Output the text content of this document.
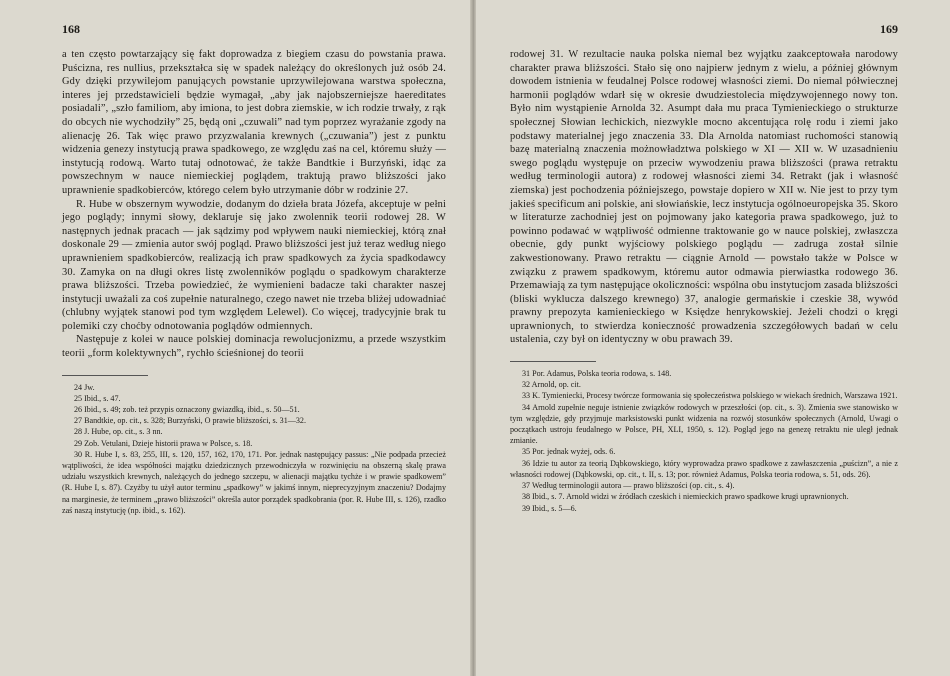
168

a ten często powtarzający się fakt doprowadza z biegiem czasu do powstania prawa. Puścizna, res nullius, przekształca się w spadek należący do określonych już osób 24. Gdy dzięki przywilejom panujących powstanie uprzywilejowana warstwa społeczna, interes jej przedstawicieli będzie wymagał, „aby jak najobszerniejsze haereditates posiadali”, „szło familiom, aby imiona, to jest dobra ziemskie, w ich rodzie trwały, z rąk do obcych nie wychodziły” 25, będą oni „czuwali” nad tym poprzez wyrażanie zgody na alienację 26. Tak więc prawo przyzwalania krewnych („czuwania”) jest z punktu widzenia genezy instytucją prawa spadkowego, ze względu zaś na cel, któremu służy — instytucją rodową. Warto tutaj odnotować, że także Bandtkie i Burzyński, idąc za powszechnym w nauce niemieckiej poglądem, traktują prawo bliższości jako uprawnienie spadkobierców, którego celem było utrzymanie dóbr w rodzinie 27.

R. Hube w obszernym wywodzie, dodanym do dzieła brata Józefa, akceptuje w pełni jego poglądy; innymi słowy, deklaruje się jako zwolennik teorii rodowej 28. W następnych jednak pracach — jak sądzimy pod wpływem nauki niemieckiej, którą znał doskonale 29 — zmienia autor swój pogląd. Prawo bliższości jest już teraz według niego uprawnieniem spadkobierców, realizacją ich praw spadkowych za życia spadkodawcy 30. Zamyka on na długi okres listę zwolenników poglądu o spadkowym charakterze prawa bliższości. Trzeba powiedzieć, że wymienieni badacze taki charakter naszej instytucji uważali za coś zupełnie naturalnego, czego nawet nie trzeba bliżej udowadniać (chlubny wyjątek stanowi pod tym względem Lelewel). Co więcej, tradycyjnie brak tu polemiki czy choćby odnotowania poglądów odmiennych.

Następuje z kolei w nauce polskiej dominacja rewolucjonizmu, a przede wszystkim teorii „form kolektywnych”, rychło ścieśnionej do teorii

24 Jw.

25 Ibid., s. 47.

26 Ibid., s. 49; zob. też przypis oznaczony gwiazdką, ibid., s. 50—51.

27 Bandtkie, op. cit., s. 328; Burzyński, O prawie bliższości, s. 31—32.

28 J. Hube, op. cit., s. 3 nn.

29 Zob. Vetulani, Dzieje historii prawa w Polsce, s. 18.

30 R. Hube I, s. 83, 255, III, s. 120, 157, 162, 170, 171. Por. jednak następujący passus: „Nie podpada przecież wątpliwości, że idea współności majątku dziedzicznych przewodniczyła w rozwinięciu na obszerną skalę prawa udziału wszystkich krewnych, należących do jednego szczepu, w alienacji majątku tychże i w prawie spadkowem” (R. Hube I, s. 87). Czyżby tu użył autor terminu „spadkowy” w jakimś innym, nieprecyzyjnym znaczeniu? Dodajmy na marginesie, że terminem „prawo bliższości” określa autor porządek spadkobrania (por. R. Hube III, s. 126), rzadko zaś naszą instytucję (np. ibid., s. 162).

169

rodowej 31. W rezultacie nauka polska niemal bez wyjątku zaakceptowała narodowy charakter prawa bliższości. Stało się ono najpierw jednym z wielu, a później głównym dowodem istnienia w feudalnej Polsce rodowej własności ziemi. Do niemal półwiecznej harmonii poglądów wdarł się w okresie dwudziestolecia międzywojennego nowy ton. Było nim wystąpienie Arnolda 32. Asumpt dała mu praca Tymienieckiego o strukturze społecznej Słowian lechickich, niezwykle mocno akcentująca rolę rodu i ziemi jako podstawy materialnej jego znaczenia 33. Dla Arnolda natomiast ruchomości stanowią bazę materialną znaczenia możnowładztwa polskiego w XI — XII w. W uzasadnieniu swego poglądu występuje on przeciw wywodzeniu prawa bliższości (prawa retraktu według terminologii autora) z rodowej własności ziemi 34. Retrakt (jak i własność ziemska) jest pochodzenia późniejszego, powstaje dopiero w XII w. Nie jest to przy tym jakieś specificum ani polskie, ani słowiańskie, lecz instytucja ogólnoeuropejska 35. Skoro w literaturze zachodniej jest on pojmowany jako kategoria prawa spadkowego, już to powinno podawać w wątpliwość odmienne traktowanie go w nauce polskiej, zwłaszcza obecnie, gdy punkt wyjściowy polskiego poglądu — zadruga został silnie zakwestionowany. Prawo retraktu — ciągnie Arnold — powstało także w Polsce w związku z prawem spadkowym, któremu autor odmawia pierwiastka rodowego 36. Przemawiają za tym następujące okoliczności: wspólna obu instytucjom zasada bliższości (bliski wyklucza dalszego krewnego) 37, analogie germańskie i czeskie 38, wywód prawny prepozyta kamienieckiego w Księdze henrykowskiej. Jeżeli chodzi o kręgi uprawnionych, to stwierdza konieczność prowadzenia szczegółowych badań w celu ustalenia, czy był on identyczny w obu prawach 39.

31 Por. Adamus, Polska teoria rodowa, s. 148.

32 Arnold, op. cit.

33 K. Tymieniecki, Procesy twórcze formowania się społeczeństwa polskiego w wiekach średnich, Warszawa 1921.

34 Arnold zupełnie neguje istnienie związków rodowych w przeszłości (op. cit., s. 3). Zmienia swe stanowisko w tym względzie, gdy przyjmuje marksistowski punkt widzenia na rozwój stosunków społecznych (Arnold, Uwagi o początkach ustroju feudalnego w Polsce, PH, XLI, 1950, s. 12). Pogląd jego na genezę retraktu nie uległ jednak zmianie.

35 Por. jednak wyżej, ods. 6.

36 Idzie tu autor za teorią Dąbkowskiego, który wyprowadza prawo spadkowe z zawłaszczenia „puścizn”, a nie z własności rodowej (Dąbkowski, op. cit., t. II, s. 13; por. również Adamus, Polska teoria rodowa, s. 51, ods. 26).

37 Według terminologii autora — prawo bliższości (op. cit., s. 4).

38 Ibid., s. 7. Arnold widzi w źródłach czeskich i niemieckich prawo spadkowe krugi uprawnionych.

39 Ibid., s. 5—6.
